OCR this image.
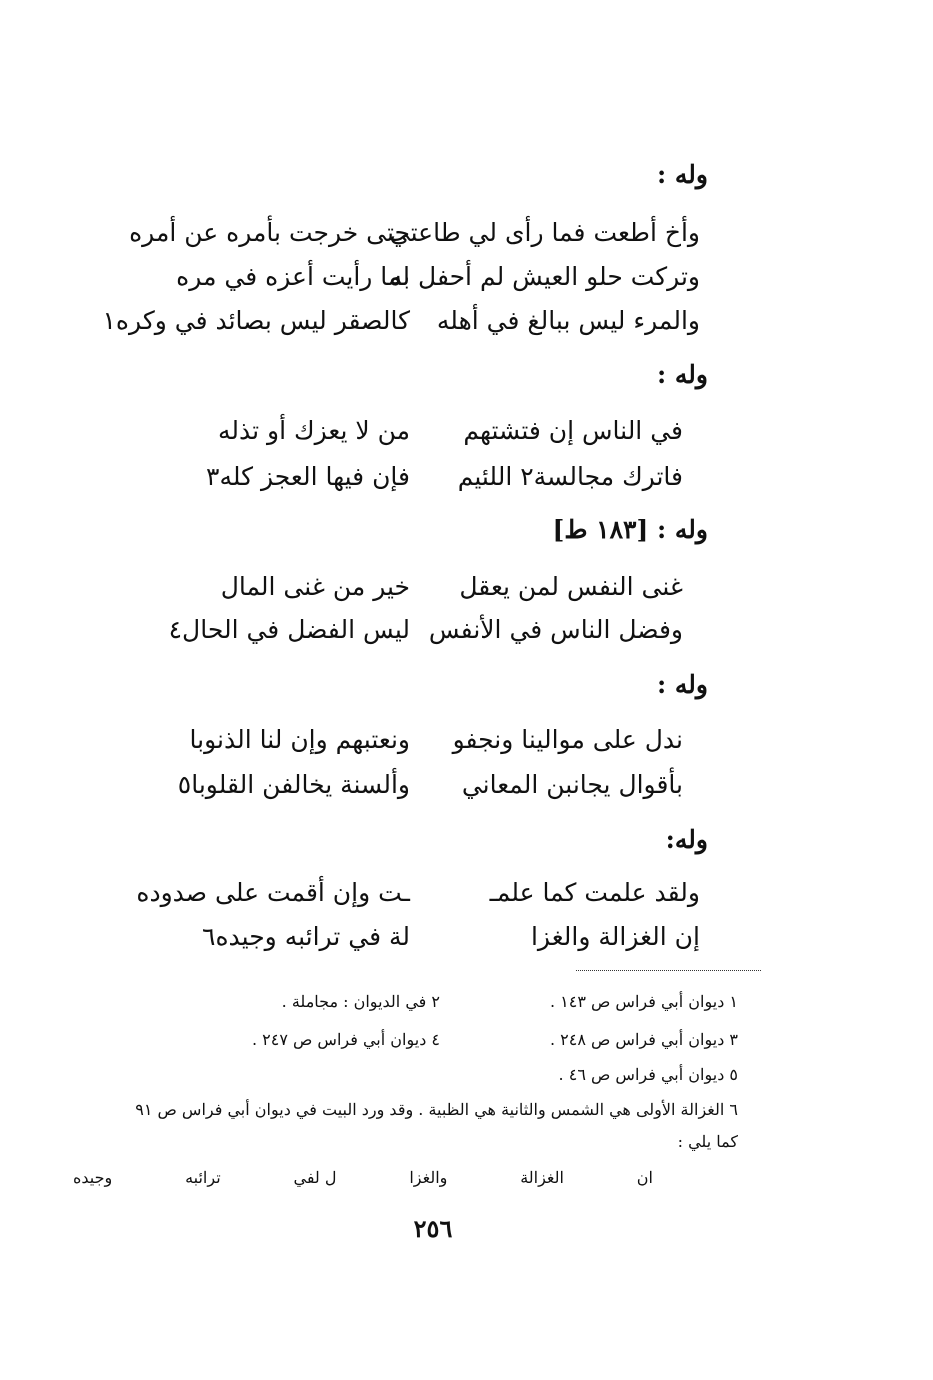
وله :
وأخ أطعت فما رأى لي طاعتي
حتى خرجت بأمره عن أمره
وتركت حلو العيش لم أحفل به
لما رأيت أعزه في مره
والمرء ليس ببالغ في أهله
كالصقر ليس بصائد في وكره١
وله :
في الناس إن فتشتهم
من لا يعزك أو تذله
فاترك مجالسة٢ اللئيم
فإن فيها العجز كله٣
وله : [١٨٣ ط]
غنى النفس لمن يعقل
خير من غنى المال
وفضل الناس في الأنفس
ليس الفضل في الحال٤
وله :
ندل على موالينا ونجفو
ونعتبهم وإن لنا الذنوبا
بأقوال يجانبن المعاني
وألسنة يخالفن القلوبا٥
وله:
ولقد علمت كما علمـ
ـت وإن أقمت على صدوده
إن الغزالة والغزا
لة في ترائبه وجيده٦
١ ديوان أبي فراس ص ١٤٣ .
٢ في الديوان : مجاملة .
٣ ديوان أبي فراس ص ٢٤٨ .
٤ ديوان أبي فراس ص ٢٤٧ .
٥ ديوان أبي فراس ص ٤٦ .
٦ الغزالة الأولى هي الشمس والثانية هي الظبية . وقد ورد البيت في ديوان أبي فراس ص ٩١
كما يلي :
ان
الغزالة
والغزا
ل لفي
ترائبه
وجيده
٢٥٦
